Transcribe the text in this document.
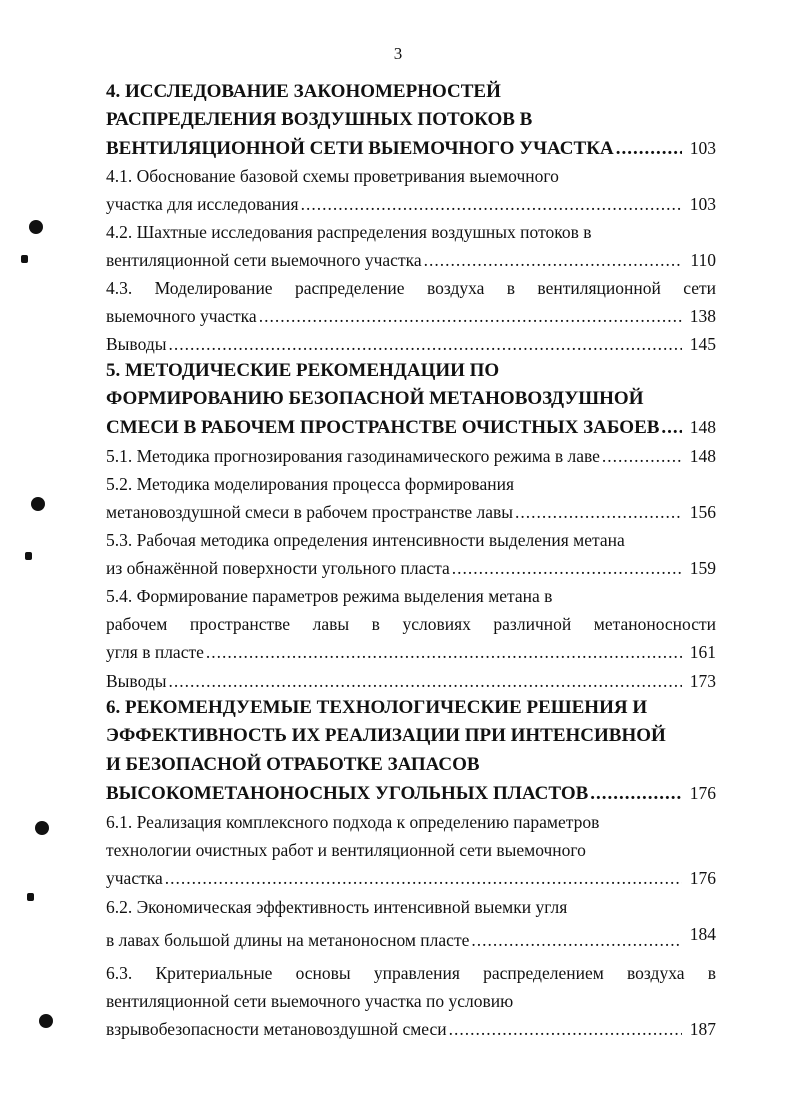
3
4. ИССЛЕДОВАНИЕ ЗАКОНОМЕРНОСТЕЙ
РАСПРЕДЕЛЕНИЯ ВОЗДУШНЫХ ПОТОКОВ В
ВЕНТИЛЯЦИОННОЙ СЕТИ ВЫЕМОЧНОГО УЧАСТКА .....	103
4.1. Обоснование базовой схемы проветривания выемочного
участка для исследования .....	103
4.2. Шахтные исследования распределения воздушных потоков в
вентиляционной сети выемочного участка .....	110
4.3. Моделирование распределение воздуха в вентиляционной сети
выемочного участка .....	138
Выводы .....	145
5. МЕТОДИЧЕСКИЕ РЕКОМЕНДАЦИИ ПО
ФОРМИРОВАНИЮ БЕЗОПАСНОЙ МЕТАНОВОЗДУШНОЙ
СМЕСИ В РАБОЧЕМ ПРОСТРАНСТВЕ ОЧИСТНЫХ ЗАБОЕВ ..... 148
5.1. Методика прогнозирования газодинамического режима в лаве .....	148
5.2. Методика моделирования процесса формирования
метановоздушной смеси в рабочем пространстве лавы .....	156
5.3. Рабочая методика определения интенсивности выделения метана
из обнажённой поверхности угольного пласта .....	159
5.4. Формирование параметров режима выделения метана в
рабочем пространстве лавы в условиях различной метаноносности
угля в пласте .....	161
Выводы .....	173
6. РЕКОМЕНДУЕМЫЕ ТЕХНОЛОГИЧЕСКИЕ РЕШЕНИЯ И
ЭФФЕКТИВНОСТЬ ИХ РЕАЛИЗАЦИИ ПРИ ИНТЕНСИВНОЙ
И БЕЗОПАСНОЙ ОТРАБОТКЕ ЗАПАСОВ
ВЫСОКОМЕТАНОНОСНЫХ УГОЛЬНЫХ ПЛАСТОВ .....	176
6.1. Реализация комплексного подхода к определению параметров
технологии очистных работ и вентиляционной сети выемочного
участка .....	176
6.2. Экономическая эффективность интенсивной выемки угля
в лавах большой длины на метаноносном пласте .....	184
6.3. Критериальные основы управления распределением воздуха в
вентиляционной сети выемочного участка по условию
взрывобезопасности метановоздушной смеси .....	187
